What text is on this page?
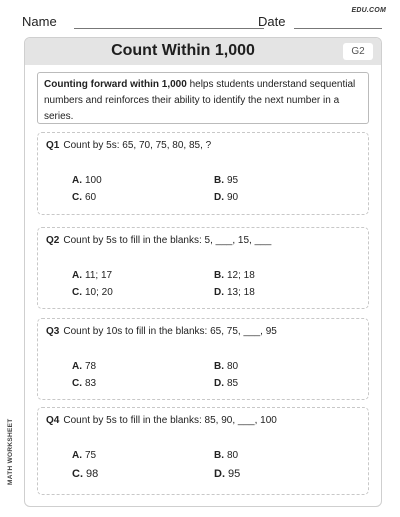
EDU.COM
Name	Date
Count Within 1,000	G2
Counting forward within 1,000 helps students understand sequential numbers and reinforces their ability to identify the next number in a series.
Q1 Count by 5s: 65, 70, 75, 80, 85, ?
A. 100	B. 95
C. 60	D. 90
Q2 Count by 5s to fill in the blanks: 5, ___, 15, ___
A. 11; 17	B. 12; 18
C. 10; 20	D. 13; 18
Q3 Count by 10s to fill in the blanks: 65, 75, ___, 95
A. 78	B. 80
C. 83	D. 85
Q4 Count by 5s to fill in the blanks: 85, 90, ___, 100
A. 75	B. 80
C. 98	D. 95
MATH WORKSHEET
